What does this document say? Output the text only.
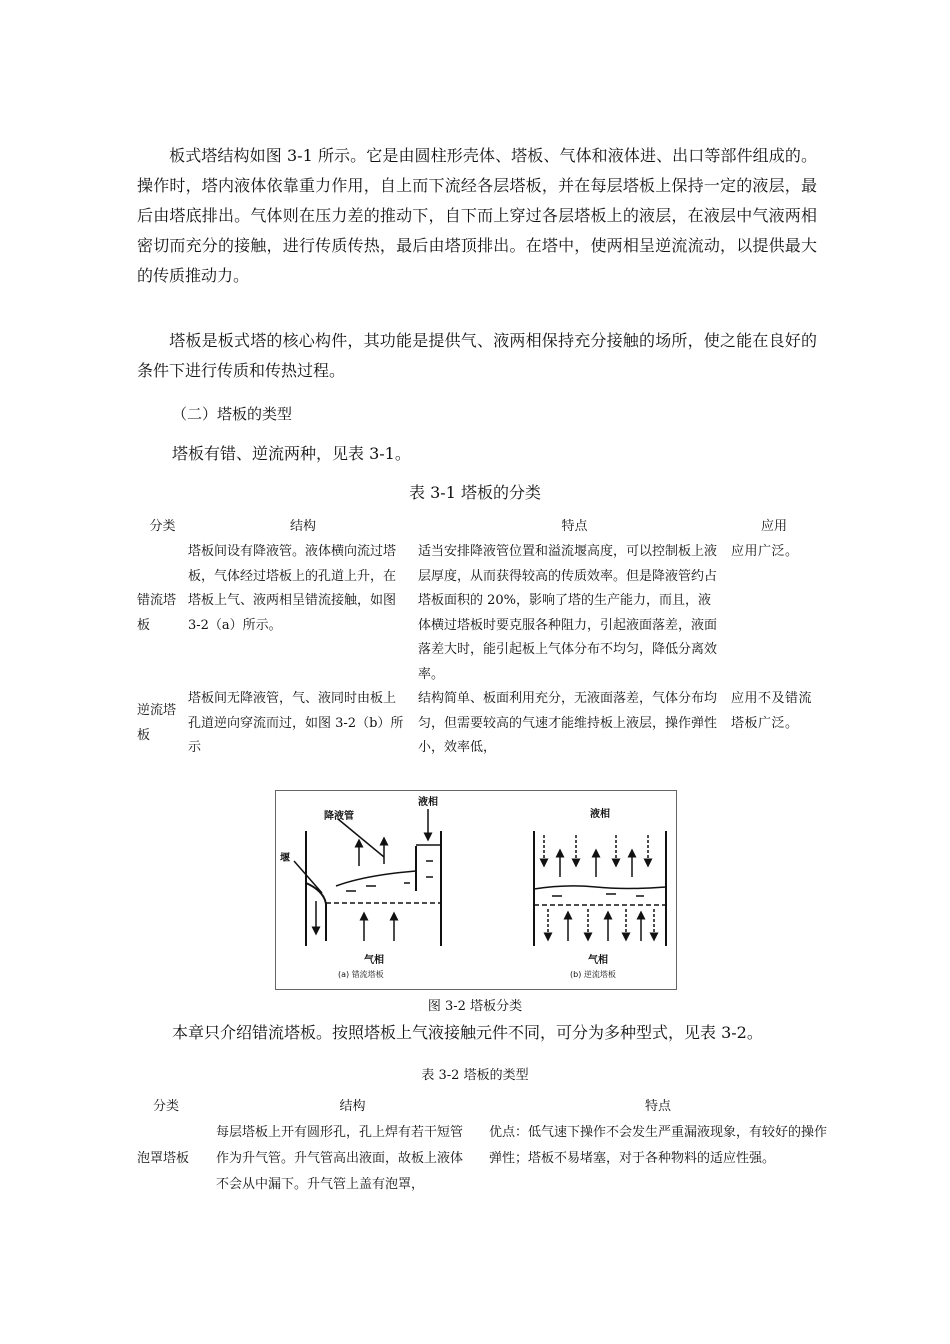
板式塔结构如图 3-1 所示。它是由圆柱形壳体、塔板、气体和液体进、出口等部件组成的。操作时，塔内液体依靠重力作用，自上而下流经各层塔板，并在每层塔板上保持一定的液层，最后由塔底排出。气体则在压力差的推动下，自下而上穿过各层塔板上的液层，在液层中气液两相密切而充分的接触，进行传质传热，最后由塔顶排出。在塔中，使两相呈逆流流动，以提供最大的传质推动力。

塔板是板式塔的核心构件，其功能是提供气、液两相保持充分接触的场所，使之能在良好的条件下进行传质和传热过程。

（二）塔板的类型

塔板有错、逆流两种，见表 3-1。

表 3-1 塔板的分类

分类	结构	特点	应用
错流塔板	塔板间设有降液管。液体横向流过塔板，气体经过塔板上的孔道上升，在塔板上气、液两相呈错流接触，如图 3-2（a）所示。	适当安排降液管位置和溢流堰高度，可以控制板上液层厚度，从而获得较高的传质效率。但是降液管约占塔板面积的 20%，影响了塔的生产能力，而且，液体横过塔板时要克服各种阻力，引起液面落差，液面落差大时，能引起板上气体分布不均匀，降低分离效率。	应用广泛。
逆流塔板	塔板间无降液管，气、液同时由板上孔道逆向穿流而过，如图 3-2（b）所示	结构简单、板面利用充分，无液面落差，气体分布均匀，但需要较高的气速才能维持板上液层，操作弹性小，效率低，	应用不及错流塔板广泛。
液相
降液管
堰
气相
液相
气相
(a) 错流塔板	(b) 逆流塔板

图 3-2 塔板分类

本章只介绍错流塔板。按照塔板上气液接触元件不同，可分为多种型式，见表 3-2。

表 3-2 塔板的类型

分类	结构	特点
泡罩塔板	每层塔板上开有圆形孔，孔上焊有若干短管作为升气管。升气管高出液面，故板上液体不会从中漏下。升气管上盖有泡罩，	优点：低气速下操作不会发生严重漏液现象，有较好的操作弹性；塔板不易堵塞，对于各种物料的适应性强。
